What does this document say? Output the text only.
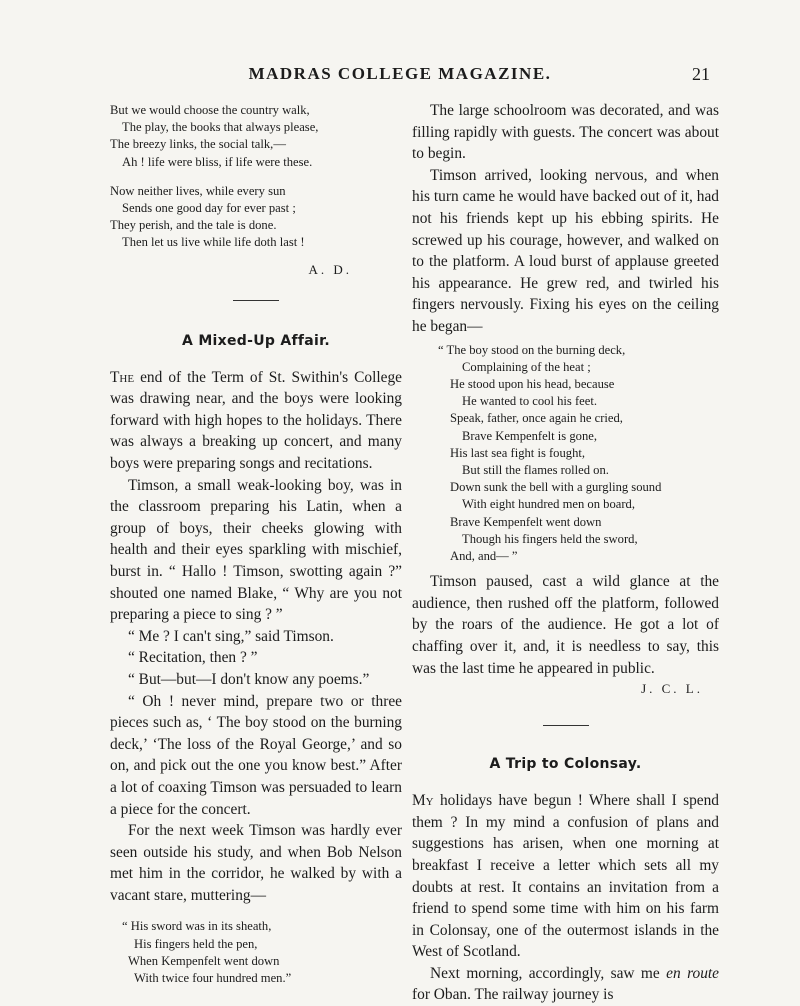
MADRAS COLLEGE MAGAZINE.	21
But we would choose the country walk,
The play, the books that always please,
The breezy links, the social talk,—
Ah ! life were bliss, if life were these.
Now neither lives, while every sun
Sends one good day for ever past ;
They perish, and the tale is done.
Then let us live while life doth last !
A. D.
A Mixed-Up Affair.

The end of the Term of St. Swithin's College was drawing near, and the boys were looking forward with high hopes to the holidays. There was always a breaking up concert, and many boys were preparing songs and recitations.

Timson, a small weak-looking boy, was in the classroom preparing his Latin, when a group of boys, their cheeks glowing with health and their eyes sparkling with mischief, burst in. “ Hallo ! Timson, swotting again ?” shouted one named Blake, “ Why are you not preparing a piece to sing ? ”

“ Me ? I can't sing,” said Timson.

“ Recitation, then ? ”

“ But—but—I don't know any poems.”

“ Oh ! never mind, prepare two or three pieces such as, ‘ The boy stood on the burning deck,’ ‘The loss of the Royal George,’ and so on, and pick out the one you know best.” After a lot of coaxing Timson was persuaded to learn a piece for the concert.

For the next week Timson was hardly ever seen outside his study, and when Bob Nelson met him in the corridor, he walked by with a vacant stare, muttering—

“ His sword was in its sheath,
His fingers held the pen,
When Kempenfelt went down
With twice four hundred men.”

The large schoolroom was decorated, and was filling rapidly with guests. The concert was about to begin.

Timson arrived, looking nervous, and when his turn came he would have backed out of it, had not his friends kept up his ebbing spirits. He screwed up his courage, however, and walked on to the platform. A loud burst of applause greeted his appearance. He grew red, and twirled his fingers nervously. Fixing his eyes on the ceiling he began—

“ The boy stood on the burning deck,
Complaining of the heat ;
He stood upon his head, because
He wanted to cool his feet.
Speak, father, once again he cried,
Brave Kempenfelt is gone,
His last sea fight is fought,
But still the flames rolled on.
Down sunk the bell with a gurgling sound
With eight hundred men on board,
Brave Kempenfelt went down
Though his fingers held the sword,
And, and— ”

Timson paused, cast a wild glance at the audience, then rushed off the platform, followed by the roars of the audience. He got a lot of chaffing over it, and, it is needless to say, this was the last time he appeared in public.

J. C. L.
A Trip to Colonsay.

My holidays have begun ! Where shall I spend them ? In my mind a confusion of plans and suggestions has arisen, when one morning at breakfast I receive a letter which sets all my doubts at rest. It contains an invitation from a friend to spend some time with him on his farm in Colonsay, one of the outermost islands in the West of Scotland.

Next morning, accordingly, saw me en route for Oban. The railway journey is
